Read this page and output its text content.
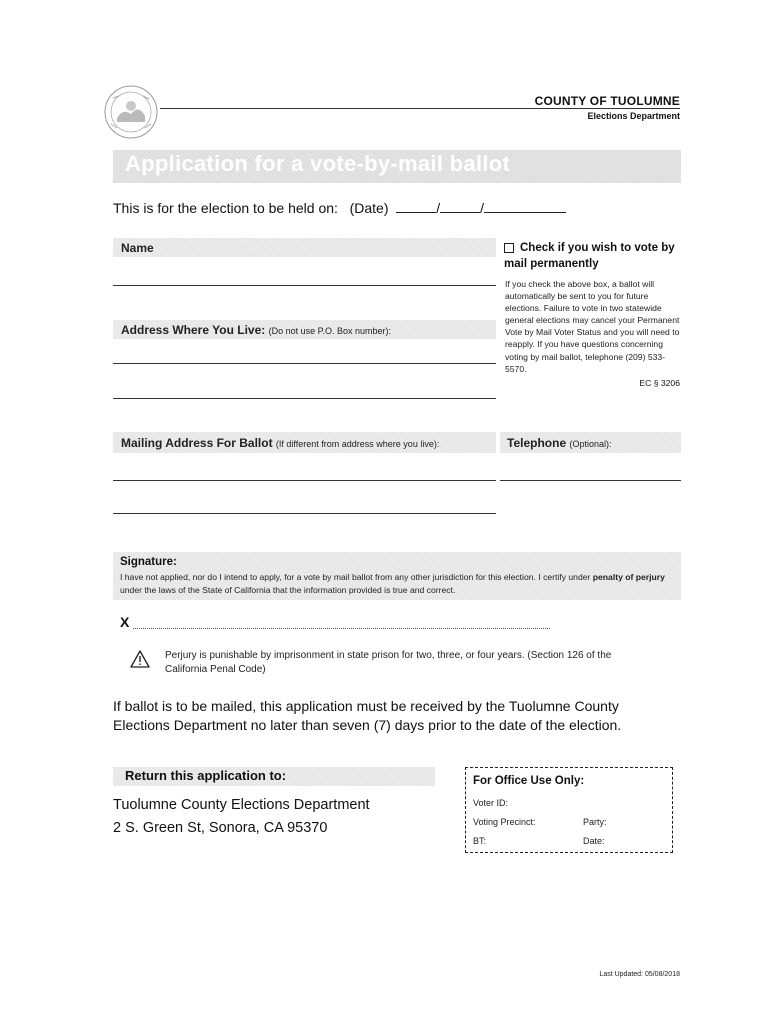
COUNTY OF TUOLUMNE
Elections Department
Application for a vote-by-mail ballot
This is for the election to be held on: (Date)	/	/
Name
Address Where You Live: (Do not use P.O. Box number):
Check if you wish to vote by mail permanently
If you check the above box, a ballot will automatically be sent to you for future elections. Failure to vote in two statewide general elections may cancel your Permanent Vote by Mail Voter Status and you will need to reapply. If you have questions concerning voting by mail ballot, telephone (209) 533-5570.
EC § 3206
Mailing Address For Ballot (If different from address where you live):	Telephone (Optional):
Signature:
I have not applied, nor do I intend to apply, for a vote by mail ballot from any other jurisdiction for this election. I certify under penalty of perjury under the laws of the State of California that the information provided is true and correct.
X
Perjury is punishable by imprisonment in state prison for two, three, or four years. (Section 126 of the California Penal Code)
If ballot is to be mailed, this application must be received by the Tuolumne County Elections Department no later than seven (7) days prior to the date of the election.
Return this application to:
Tuolumne County Elections Department
2 S. Green St, Sonora, CA 95370
For Office Use Only:
Voter ID:
Voting Precinct:	Party:
BT:	Date:
Last Updated: 05/08/2018
